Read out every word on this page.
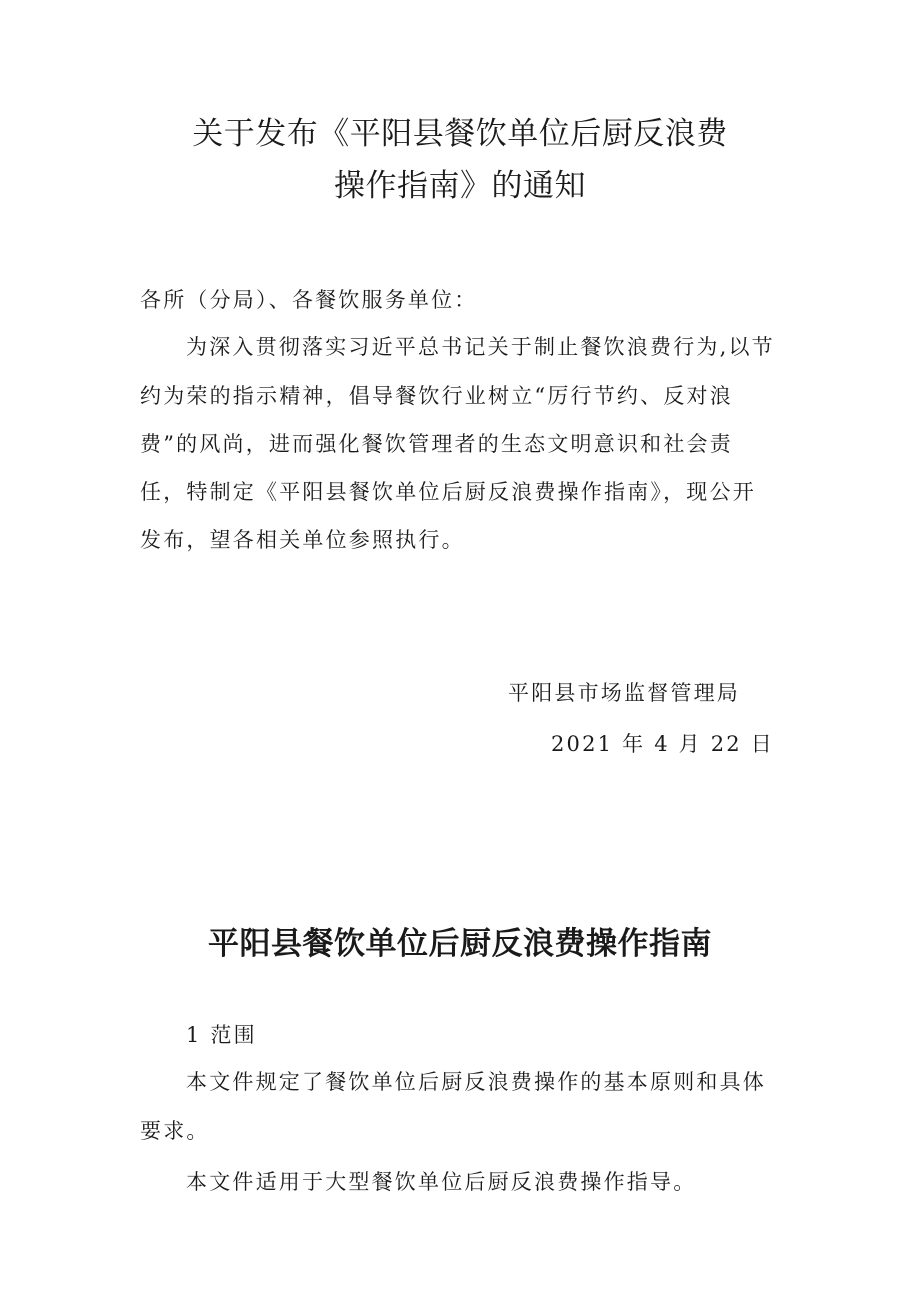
关于发布《平阳县餐饮单位后厨反浪费
操作指南》的通知

各所（分局）、各餐饮服务单位：

为深入贯彻落实习近平总书记关于制止餐饮浪费行为,以节

约为荣的指示精神，倡导餐饮行业树立“厉行节约、反对浪

费”的风尚，进而强化餐饮管理者的生态文明意识和社会责

任，特制定《平阳县餐饮单位后厨反浪费操作指南》，现公开

发布，望各相关单位参照执行。

平阳县市场监督管理局

2021 年 4 月 22 日

平阳县餐饮单位后厨反浪费操作指南

1 范围

本文件规定了餐饮单位后厨反浪费操作的基本原则和具体

要求。

本文件适用于大型餐饮单位后厨反浪费操作指导。
